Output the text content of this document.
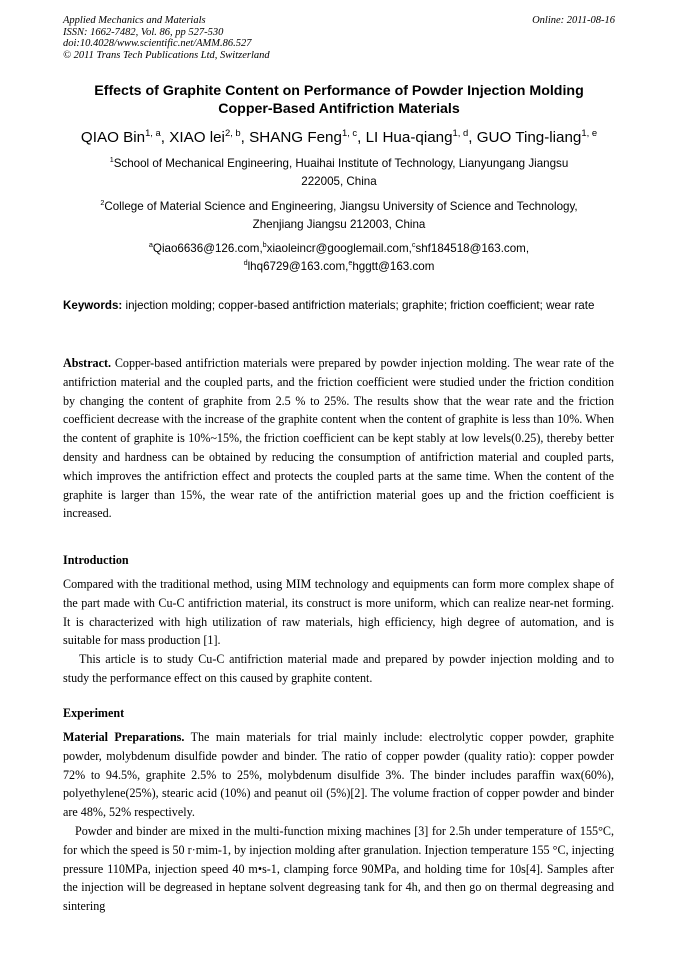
Applied Mechanics and Materials
ISSN: 1662-7482, Vol. 86, pp 527-530
doi:10.4028/www.scientific.net/AMM.86.527
© 2011 Trans Tech Publications Ltd, Switzerland
Online: 2011-08-16
Effects of Graphite Content on Performance of Powder Injection Molding
Copper-Based Antifriction Materials
QIAO Bin$^{1, a}$, XIAO lei$^{2, b}$, SHANG Feng$^{1, c}$, LI Hua-qiang$^{1, d}$, GUO Ting-liang$^{1, e}$
$^1$School of Mechanical Engineering, Huaihai Institute of Technology, Lianyungang Jiangsu
222005, China
$^2$College of Material Science and Engineering, Jiangsu University of Science and Technology,
Zhenjiang Jiangsu 212003, China
$^a$Qiao6636@126.com,$^b$xiaoleincr@googlemail.com,$^c$shf184518@163.com,
$^d$lhq6729@163.com,$^e$hggtt@163.com
Keywords: injection molding; copper-based antifriction materials; graphite; friction coefficient; wear rate

Abstract. Copper-based antifriction materials were prepared by powder injection molding. The wear rate of the antifriction material and the coupled parts, and the friction coefficient were studied under the friction condition by changing the content of graphite from 2.5 % to 25%. The results show that the wear rate and the friction coefficient decrease with the increase of the graphite content when the content of graphite is less than 10%. When the content of graphite is 10%~15%, the friction coefficient can be kept stably at low levels(0.25), thereby better density and hardness can be obtained by reducing the consumption of antifriction material and coupled parts, which improves the antifriction effect and protects the coupled parts at the same time. When the content of the graphite is larger than 15%, the wear rate of the antifriction material goes up and the friction coefficient is increased.

Introduction

Compared with the traditional method, using MIM technology and equipments can form more complex shape of the part made with Cu-C antifriction material, its construct is more uniform, which can realize near-net forming. It is characterized with high utilization of raw materials, high efficiency, high degree of automation, and is suitable for mass production [1].

This article is to study Cu-C antifriction material made and prepared by powder injection molding and to study the performance effect on this caused by graphite content.

Experiment

Material Preparations. The main materials for trial mainly include: electrolytic copper powder, graphite powder, molybdenum disulfide powder and binder. The ratio of copper powder (quality ratio): copper powder 72% to 94.5%, graphite 2.5% to 25%, molybdenum disulfide 3%. The binder includes paraffin wax(60%), polyethylene(25%), stearic acid (10%) and peanut oil (5%)[2]. The volume fraction of copper powder and binder are 48%, 52% respectively.

Powder and binder are mixed in the multi-function mixing machines [3] for 2.5h under temperature of 155°C, for which the speed is 50 r·mim-1, by injection molding after granulation. Injection temperature 155 °C, injecting pressure 110MPa, injection speed 40 m•s-1, clamping force 90MPa, and holding time for 10s[4]. Samples after the injection will be degreased in heptane solvent degreasing tank for 4h, and then go on thermal degreasing and sintering
